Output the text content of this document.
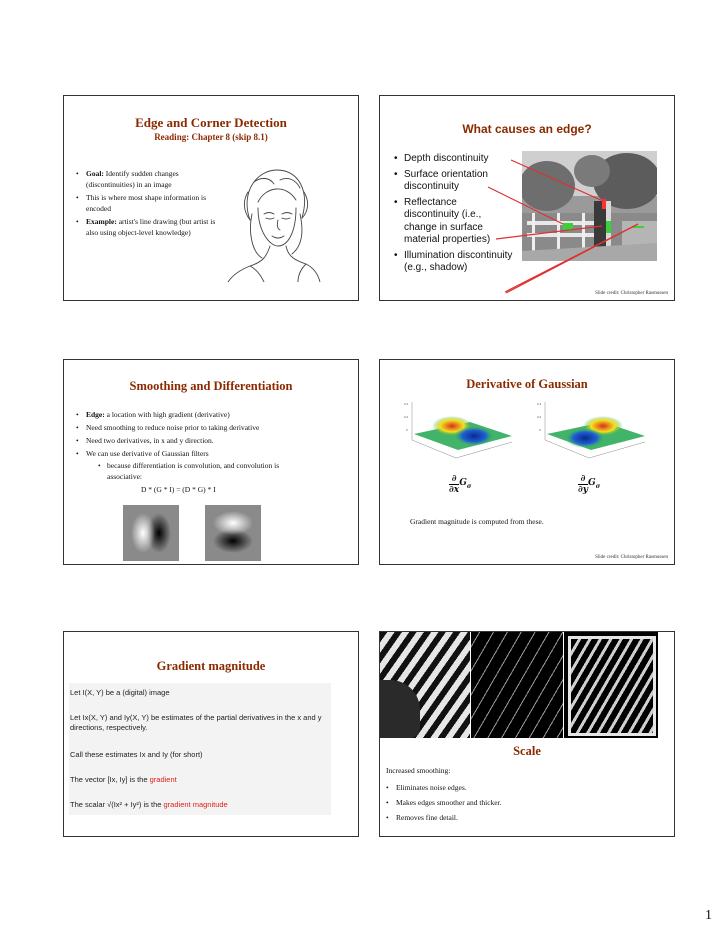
Edge and Corner Detection
Reading: Chapter 8 (skip 8.1)
• Goal: Identify sudden changes (discontinuities) in an image
• This is where most shape information is encoded
• Example: artist's line drawing (but artist is also using object-level knowledge)
What causes an edge?
• Depth discontinuity
• Surface orientation discontinuity
• Reflectance discontinuity (i.e., change in surface material properties)
• Illumination discontinuity (e.g., shadow)
Slide credit: Christopher Rasmussen
Smoothing and Differentiation
• Edge: a location with high gradient (derivative)
• Need smoothing to reduce noise prior to taking derivative
• Need two derivatives, in x and y direction.
• We can use derivative of Gaussian filters
• because differentiation is convolution, and convolution is associative:
D * (G * I) = (D * G) * I
Derivative of Gaussian
0.4
0.2
0
0.4
0.2
0
∂
∂x
$G_\sigma$
∂
∂y
$G_\sigma$
Gradient magnitude is computed from these.
Slide credit: Christopher Rasmussen
Gradient magnitude
Let I(X, Y) be a (digital) image
Let Ix(X, Y) and Iy(X, Y) be estimates of the partial derivatives in the x and y directions, respectively.
Call these estimates Ix and Iy (for short)
The vector [Ix, Iy] is the gradient
The scalar √(Ix² + Iy²) is the gradient magnitude
Scale
Increased smoothing:
• Eliminates noise edges.
• Makes edges smoother and thicker.
• Removes fine detail.
1
